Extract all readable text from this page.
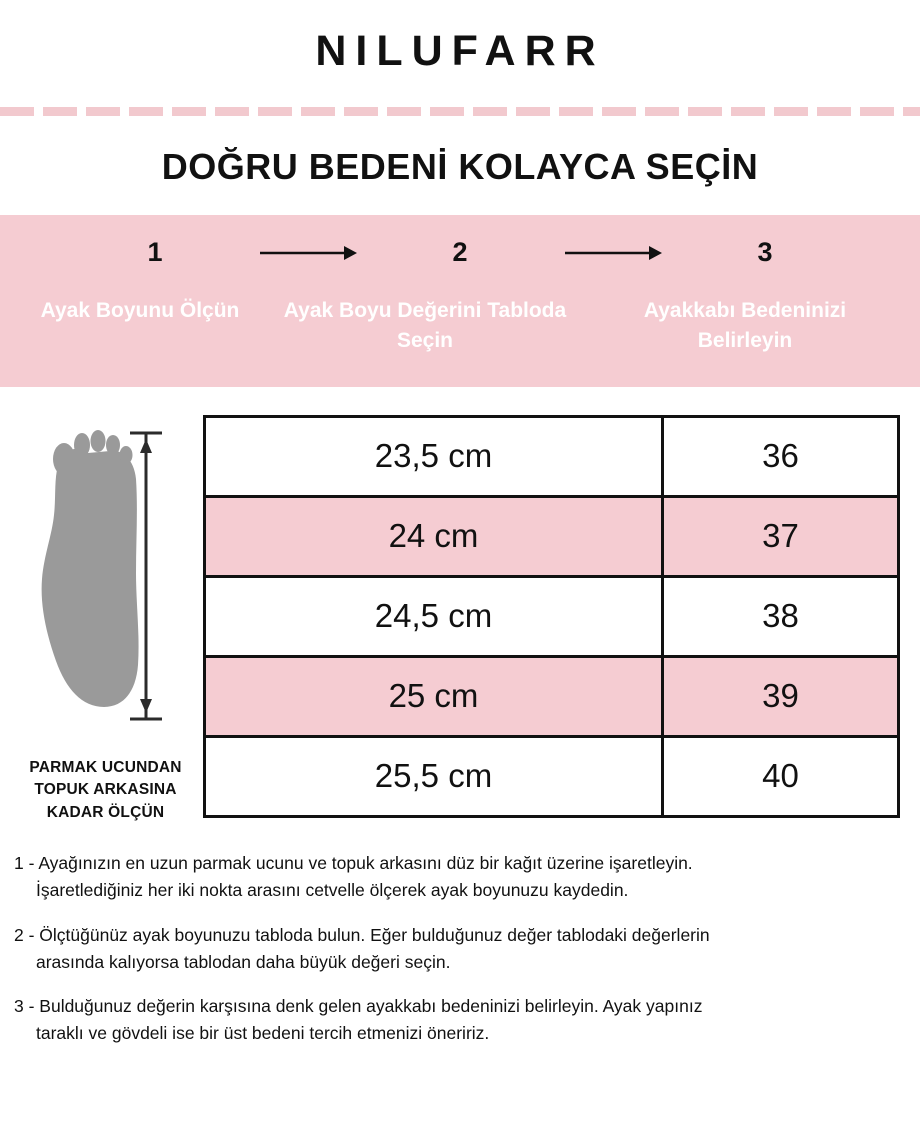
NILUFARR
DOĞRU BEDENİ KOLAYCA SEÇİN
1	2	3
Ayak Boyunu Ölçün	Ayak Boyu Değerini Tabloda Seçin
Ayakkabı Bedeninizi Belirleyin
PARMAK UCUNDAN TOPUK ARKASINA KADAR ÖLÇÜN
23,5 cm	36
24 cm	37
24,5 cm	38
25 cm	39
25,5 cm	40
1 - Ayağınızın en uzun parmak ucunu ve topuk arkasını düz bir kağıt üzerine işaretleyin.
İşaretlediğiniz her iki nokta arasını cetvelle ölçerek ayak boyunuzu kaydedin.
2 - Ölçtüğünüz ayak boyunuzu tabloda bulun. Eğer bulduğunuz değer tablodaki değerlerin
arasında kalıyorsa tablodan daha büyük değeri seçin.
3 - Bulduğunuz değerin karşısına denk gelen ayakkabı bedeninizi belirleyin. Ayak yapınız
taraklı ve gövdeli ise bir üst bedeni tercih etmenizi öneririz.
